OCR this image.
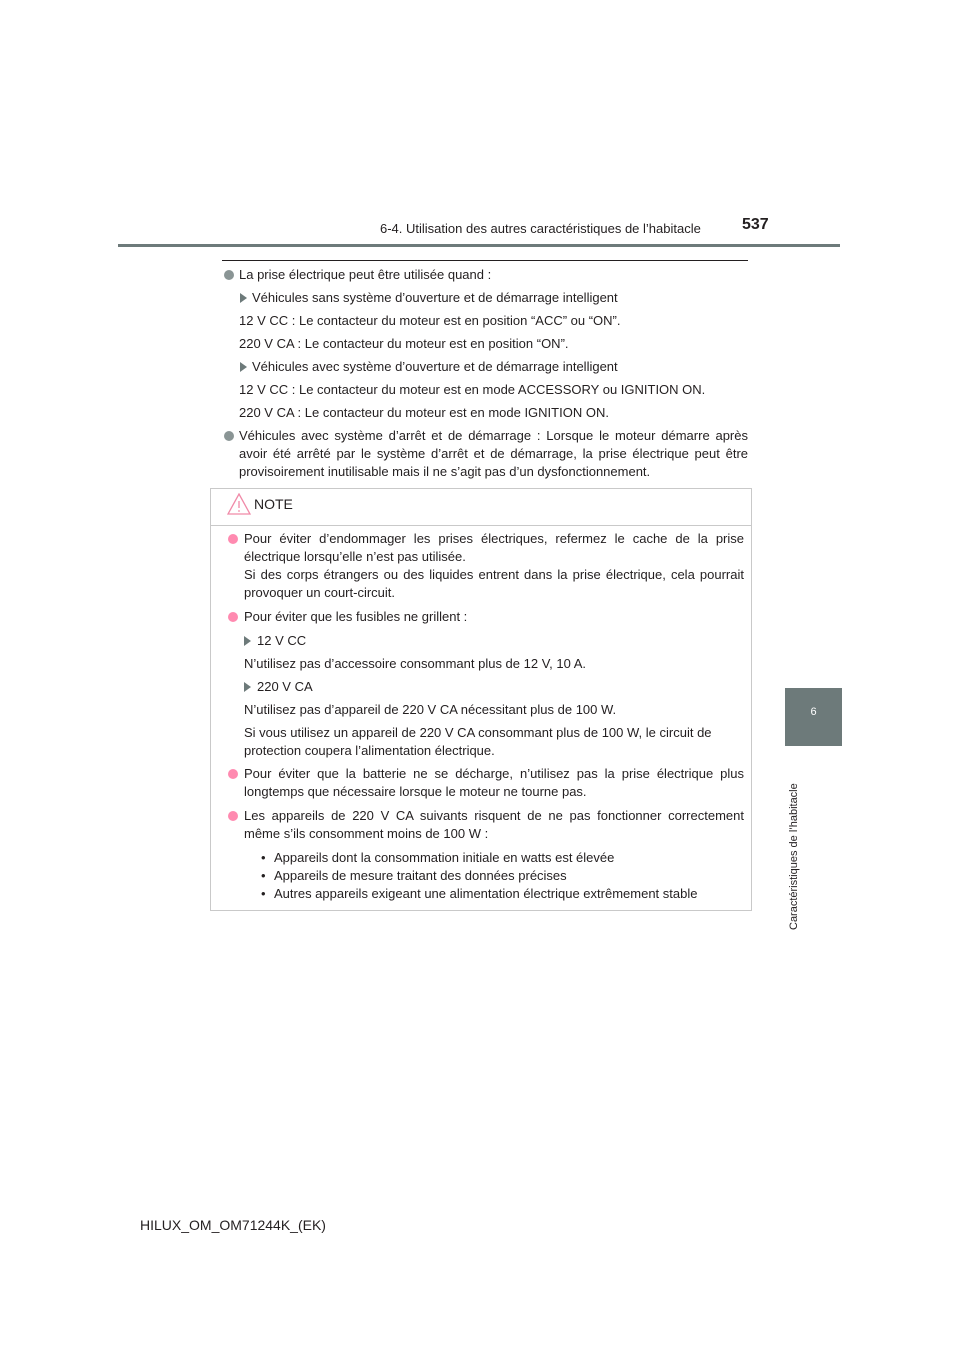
6-4. Utilisation des autres caractéristiques de l’habitacle	537
6
Caractéristiques de l’habitacle

La prise électrique peut être utilisée quand :

Véhicules sans système d’ouverture et de démarrage intelligent

12 V CC : Le contacteur du moteur est en position “ACC” ou “ON”.

220 V CA : Le contacteur du moteur est en position “ON”.

Véhicules avec système d’ouverture et de démarrage intelligent

12 V CC : Le contacteur du moteur est en mode ACCESSORY ou IGNITION ON.

220 V CA : Le contacteur du moteur est en mode IGNITION ON.

Véhicules avec système d’arrêt et de démarrage : Lorsque le moteur démarre après avoir été arrêté par le système d’arrêt et de démarrage, la prise électrique peut être provisoirement inutilisable mais il ne s’agit pas d’un dysfonctionnement.

NOTE
Pour éviter d’endommager les prises électriques, refermez le cache de la prise électrique lorsqu’elle n’est pas utilisée.
Si des corps étrangers ou des liquides entrent dans la prise électrique, cela pourrait provoquer un court-circuit.
Pour éviter que les fusibles ne grillent :

12 V CC

N’utilisez pas d’accessoire consommant plus de 12 V, 10 A.

220 V CA

N’utilisez pas d’appareil de 220 V CA nécessitant plus de 100 W.

Si vous utilisez un appareil de 220 V CA consommant plus de 100 W, le circuit de protection coupera l’alimentation électrique.

Pour éviter que la batterie ne se décharge, n’utilisez pas la prise électrique plus longtemps que nécessaire lorsque le moteur ne tourne pas.
Les appareils de 220 V CA suivants risquent de ne pas fonctionner correctement même s’ils consomment moins de 100 W :
• Appareils dont la consommation initiale en watts est élevée
• Appareils de mesure traitant des données précises
• Autres appareils exigeant une alimentation électrique extrêmement stable
HILUX_OM_OM71244K_(EK)
